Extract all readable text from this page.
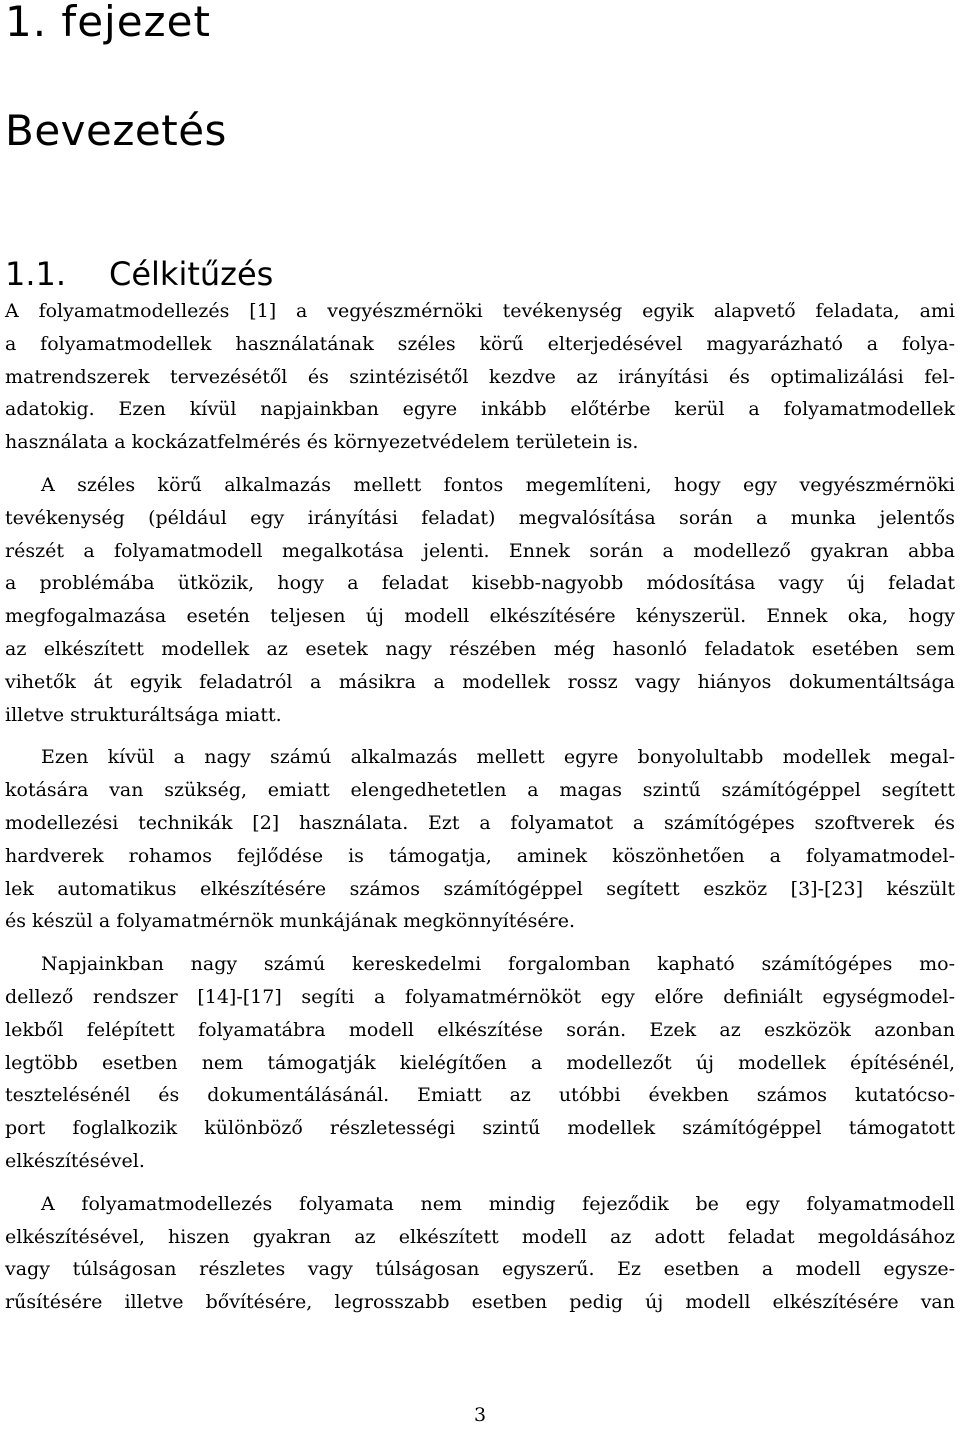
1. fejezet
Bevezetés
1.1. Célkitűzés

A folyamatmodellezés [1] a vegyészmérnöki tevékenység egyik alapvető feladata, ami
a folyamatmodellek használatának széles körű elterjedésével magyarázható a folya-
matrendszerek tervezésétől és szintézisétől kezdve az irányítási és optimalizálási fel-
adatokig. Ezen kívül napjainkban egyre inkább előtérbe kerül a folyamatmodellek
használata a kockázatfelmérés és környezetvédelem területein is.

A széles körű alkalmazás mellett fontos megemlíteni, hogy egy vegyészmérnöki
tevékenység (például egy irányítási feladat) megvalósítása során a munka jelentős
részét a folyamatmodell megalkotása jelenti. Ennek során a modellező gyakran abba
a problémába ütközik, hogy a feladat kisebb-nagyobb módosítása vagy új feladat
megfogalmazása esetén teljesen új modell elkészítésére kényszerül. Ennek oka, hogy
az elkészített modellek az esetek nagy részében még hasonló feladatok esetében sem
vihetők át egyik feladatról a másikra a modellek rossz vagy hiányos dokumentáltsága
illetve strukturáltsága miatt.

Ezen kívül a nagy számú alkalmazás mellett egyre bonyolultabb modellek megal-
kotására van szükség, emiatt elengedhetetlen a magas szintű számítógéppel segített
modellezési technikák [2] használata. Ezt a folyamatot a számítógépes szoftverek és
hardverek rohamos fejlődése is támogatja, aminek köszönhetően a folyamatmodel-
lek automatikus elkészítésére számos számítógéppel segített eszköz [3]-[23] készült
és készül a folyamatmérnök munkájának megkönnyítésére.

Napjainkban nagy számú kereskedelmi forgalomban kapható számítógépes mo-
dellező rendszer [14]-[17] segíti a folyamatmérnököt egy előre definiált egységmodel-
lekből felépített folyamatábra modell elkészítése során. Ezek az eszközök azonban
legtöbb esetben nem támogatják kielégítően a modellezőt új modellek építésénél,
tesztelésénél és dokumentálásánál. Emiatt az utóbbi években számos kutatócso-
port foglalkozik különböző részletességi szintű modellek számítógéppel támogatott
elkészítésével.

A folyamatmodellezés folyamata nem mindig fejeződik be egy folyamatmodell
elkészítésével, hiszen gyakran az elkészített modell az adott feladat megoldásához
vagy túlságosan részletes vagy túlságosan egyszerű. Ez esetben a modell egysze-
rűsítésére illetve bővítésére, legrosszabb esetben pedig új modell elkészítésére van

3
